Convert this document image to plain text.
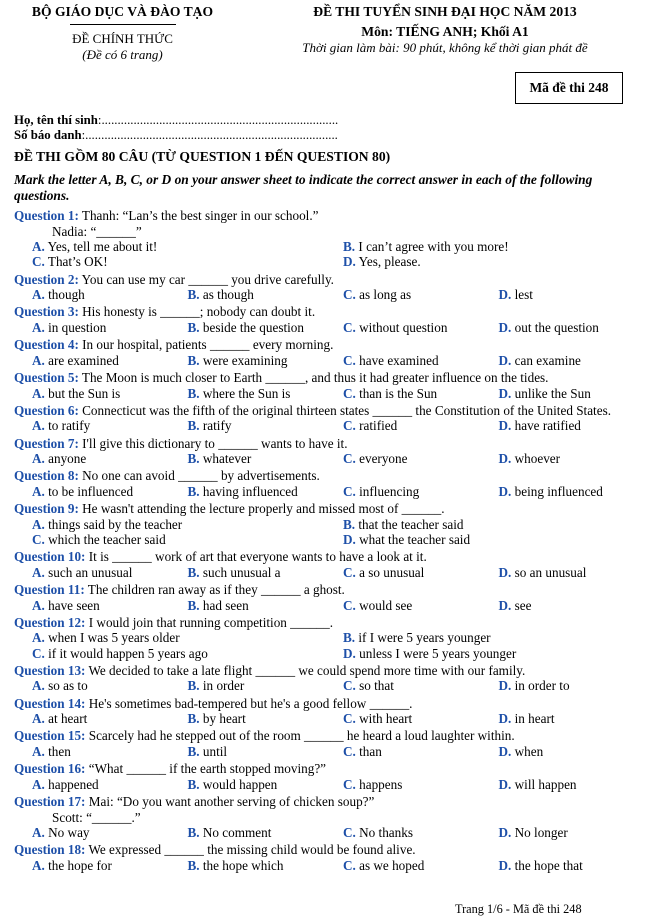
BỘ GIÁO DỤC VÀ ĐÀO TẠO
ĐỀ CHÍNH THỨC
(Đề có 6 trang)
ĐỀ THI TUYỂN SINH ĐẠI HỌC NĂM 2013
Môn: TIẾNG ANH; Khối A1
Thời gian làm bài: 90 phút, không kể thời gian phát đề
Mã đề thi 248
Họ, tên thí sinh:..........................................................................
Số báo danh:...............................................................................
ĐỀ THI GỒM 80 CÂU (TỪ QUESTION 1 ĐẾN QUESTION 80)
Mark the letter A, B, C, or D on your answer sheet to indicate the correct answer in each of the following questions.
Question 1: Thanh: “Lan’s the best singer in our school.”
Nadia: “______”
A. Yes, tell me about it!	B. I can’t agree with you more!
C. That’s OK!	D. Yes, please.
Question 2: You can use my car ______ you drive carefully.
A. though	B. as though	C. as long as	D. lest
Question 3: His honesty is ______; nobody can doubt it.
A. in question	B. beside the question	C. without question	D. out the question
Question 4: In our hospital, patients ______ every morning.
A. are examined	B. were examining	C. have examined	D. can examine
Question 5: The Moon is much closer to Earth ______, and thus it had greater influence on the tides.
A. but the Sun is	B. where the Sun is	C. than is the Sun	D. unlike the Sun
Question 6: Connecticut was the fifth of the original thirteen states ______ the Constitution of the United States.
A. to ratify	B. ratify	C. ratified	D. have ratified
Question 7: I'll give this dictionary to ______ wants to have it.
A. anyone	B. whatever	C. everyone	D. whoever
Question 8: No one can avoid ______ by advertisements.
A. to be influenced	B. having influenced	C. influencing	D. being influenced
Question 9: He wasn't attending the lecture properly and missed most of ______.
A. things said by the teacher	B. that the teacher said
C. which the teacher said	D. what the teacher said
Question 10: It is ______ work of art that everyone wants to have a look at it.
A. such an unusual	B. such unusual a	C. a so unusual	D. so an unusual
Question 11: The children ran away as if they ______ a ghost.
A. have seen	B. had seen	C. would see	D. see
Question 12: I would join that running competition ______.
A. when I was 5 years older	B. if I were 5 years younger
C. if it would happen 5 years ago	D. unless I were 5 years younger
Question 13: We decided to take a late flight ______ we could spend more time with our family.
A. so as to	B. in order	C. so that	D. in order to
Question 14: He's sometimes bad-tempered but he's a good fellow ______.
A. at heart	B. by heart	C. with heart	D. in heart
Question 15: Scarcely had he stepped out of the room ______ he heard a loud laughter within.
A. then	B. until	C. than	D. when
Question 16: “What ______ if the earth stopped moving?”
A. happened	B. would happen	C. happens	D. will happen
Question 17: Mai: “Do you want another serving of chicken soup?”
Scott: “______.”
A. No way	B. No comment	C. No thanks	D. No longer
Question 18: We expressed ______ the missing child would be found alive.
A. the hope for	B. the hope which	C. as we hoped	D. the hope that
Trang 1/6 - Mã đề thi 248
